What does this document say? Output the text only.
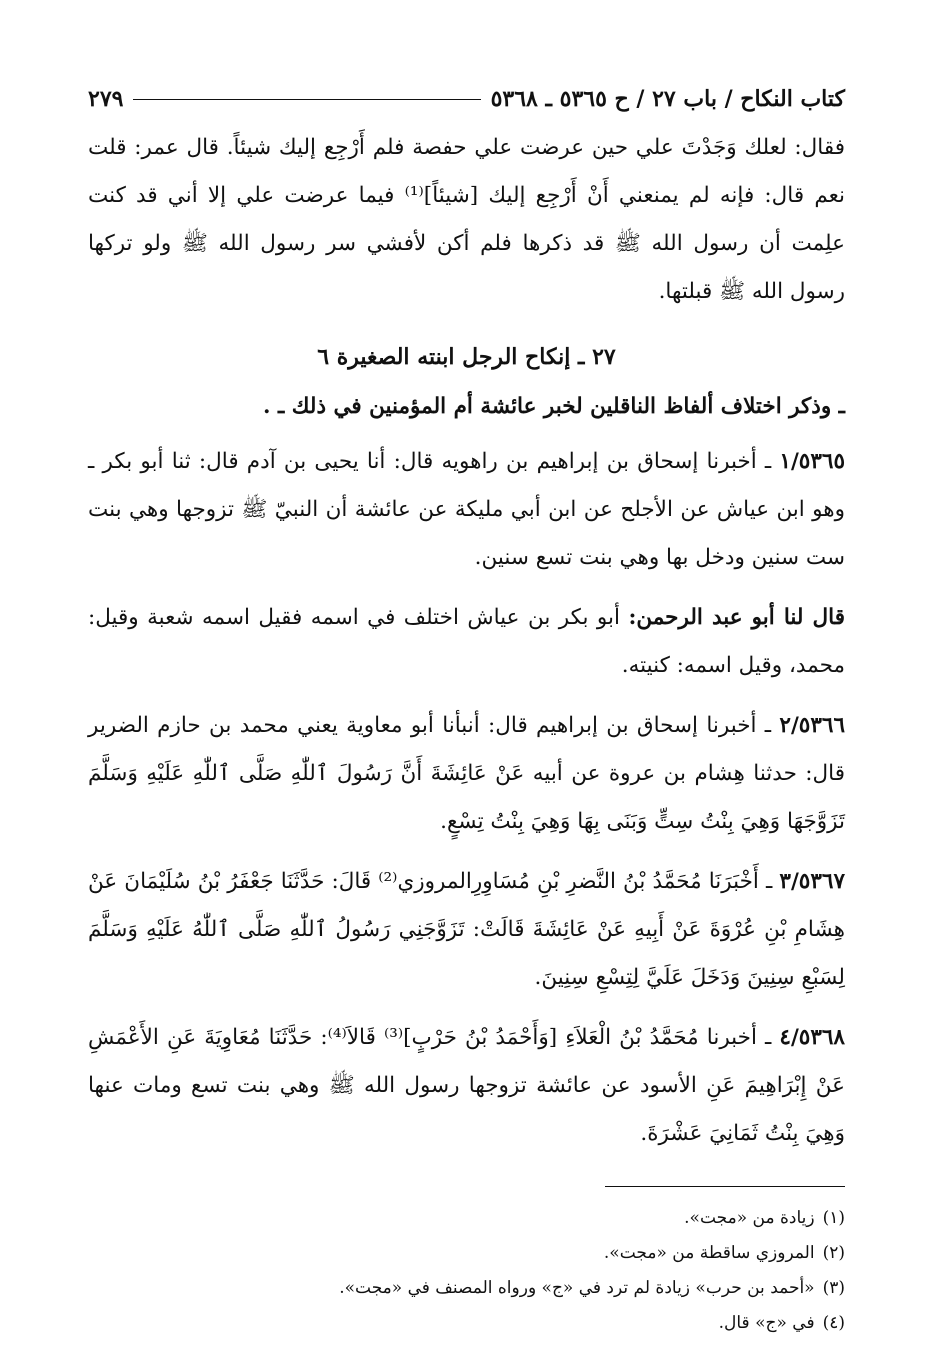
كتاب النكاح / باب ٢٧ / ح ٥٣٦٥ ـ ٥٣٦٨
٢٧٩

فقال: لعلك وَجَدْتَ علي حين عرضت علي حفصة فلم أَرْجِع إليك شيئاً. قال عمر: قلت نعم قال: فإنه لم يمنعني أَنْ أَرْجِع إليك [شيئاً]⁽¹⁾ فيما عرضت علي إلا أني قد كنت علِمت أن رسول الله ﷺ قد ذكرها فلم أكن لأفشي سر رسول الله ﷺ ولو تركها رسول الله ﷺ قبلتها.

٢٧ ـ إنكاح الرجل ابنته الصغيرة ٦
ـ وذكر اختلاف ألفاظ الناقلين لخبر عائشة أم المؤمنين في ذلك ـ .

١/٥٣٦٥ ـ أخبرنا إسحاق بن إبراهيم بن راهويه قال: أنا يحيى بن آدم قال: ثنا أبو بكر ـ وهو ابن عياش عن الأجلح عن ابن أبي مليكة عن عائشة أن النبيّ ﷺ تزوجها وهي بنت ست سنين ودخل بها وهي بنت تسع سنين.

قال لنا أبو عبد الرحمن: أبو بكر بن عياش اختلف في اسمه فقيل اسمه شعبة وقيل: محمد، وقيل اسمه: كنيته.

٢/٥٣٦٦ ـ أخبرنا إسحاق بن إبراهيم قال: أنبأنا أبو معاوية يعني محمد بن حازم الضرير قال: حدثنا هِشام بن عروة عن أبيه عَنْ عَائِشَةَ أَنَّ رَسُولَ ٱللّٰهِ صَلَّى ٱللّٰهِ عَلَيْهِ وَسَلَّمَ تَزَوَّجَهَا وَهِيَ بِنْتُ سِتٍّ وَبَنَى بِهَا وَهِيَ بِنْتُ تِسْعٍ.

٣/٥٣٦٧ ـ أَخْبَرَنَا مُحَمَّدُ بْنُ النَّضرِ بْنِ مُسَاوِرِالمروزي⁽²⁾ قَالَ: حَدَّثَنَا جَعْفَرُ بْنُ سُلَيْمَانَ عَنْ هِشَامِ بْنِ عُرْوَةَ عَنْ أَبِيهِ عَنْ عَائِشَةَ قَالَتْ: تَزَوَّجَنِي رَسُولُ ٱللّٰهِ صَلَّى ٱللّٰهُ عَلَيْهِ وَسَلَّمَ لِسَبْعِ سِنِينَ وَدَخَلَ عَلَيَّ لِتِسْعِ سِنِينَ.

٤/٥٣٦٨ ـ أخبرنا مُحَمَّدُ بْنُ الْعَلاَءِ [وَأَحْمَدُ بْنُ حَرْبٍ]⁽³⁾ قَالاَ⁽⁴⁾: حَدَّثَنَا مُعَاوِيَةَ عَنِ الأَعْمَشِ عَنْ إِبْرَاهِيمَ عَنِ الأسود عن عائشة تزوجها رسول الله ﷺ وهي بنت تسع ومات عنها وَهِيَ بِنْتُ ثَمَانِيَ عَشْرَةَ.

(١)زيادة من «مجت».
(٢)المروزي ساقطة من «مجت».
(٣)«أحمد بن حرب» زيادة لم ترد في «ج» ورواه المصنف في «مجت».
(٤)في «ج» قال.
